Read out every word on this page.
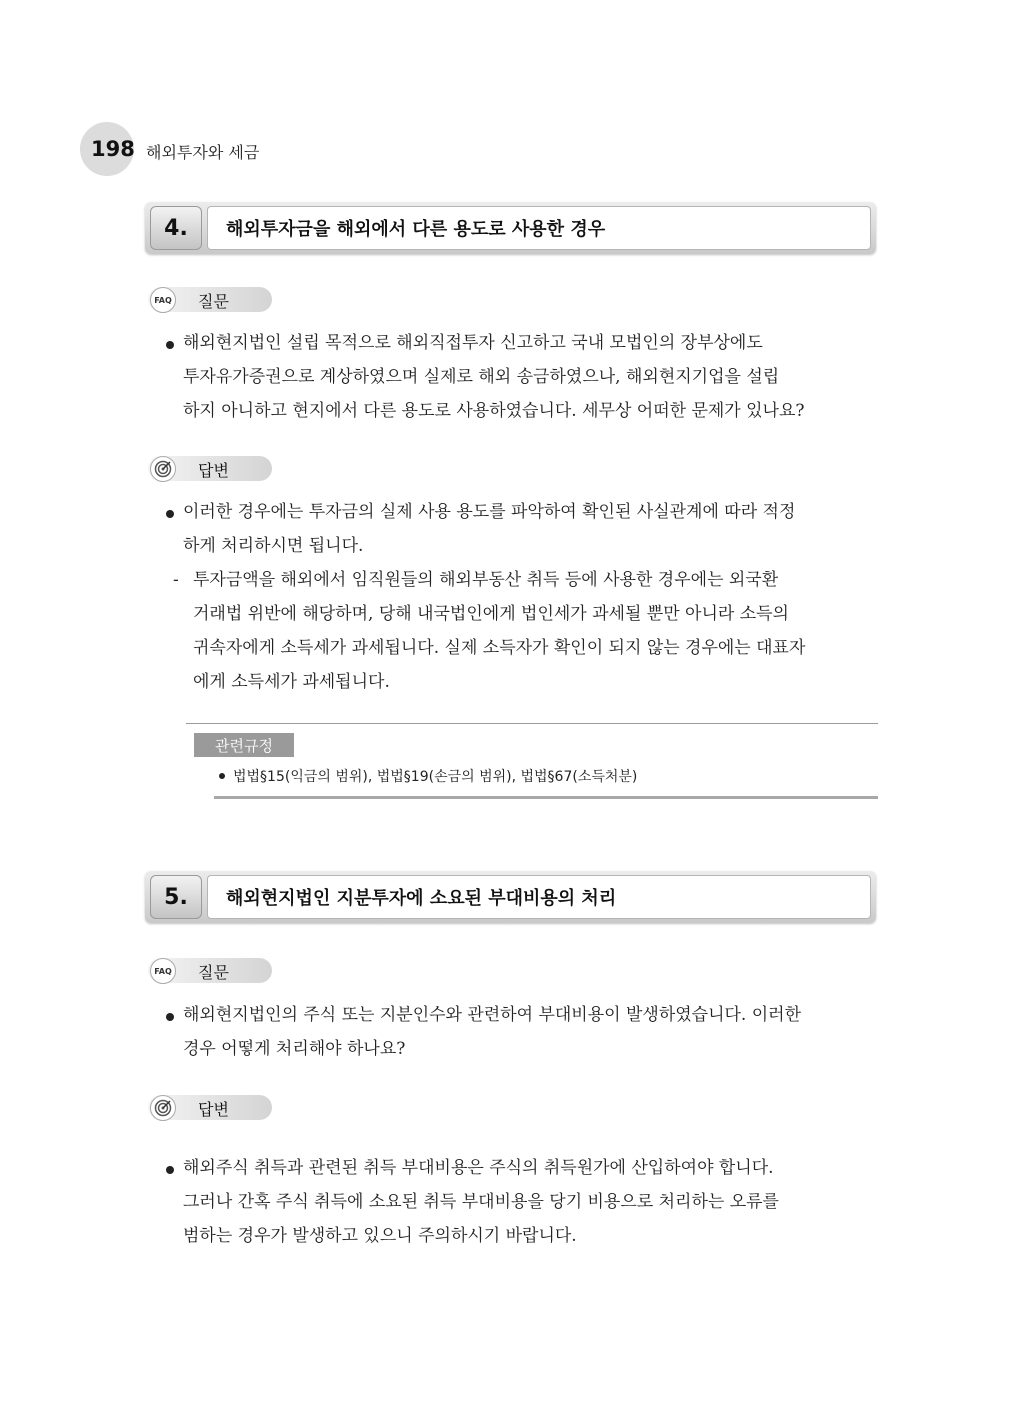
198 해외투자와 세금
4.	해외투자금을 해외에서 다른 용도로 사용한 경우
FAQ 질문
해외현지법인 설립 목적으로 해외직접투자 신고하고 국내 모법인의 장부상에도
투자유가증권으로 계상하였으며 실제로 해외 송금하였으나, 해외현지기업을 설립
하지 아니하고 현지에서 다른 용도로 사용하였습니다. 세무상 어떠한 문제가 있나요?
답변
이러한 경우에는 투자금의 실제 사용 용도를 파악하여 확인된 사실관계에 따라 적정
하게 처리하시면 됩니다.
- 투자금액을 해외에서 임직원들의 해외부동산 취득 등에 사용한 경우에는 외국환
거래법 위반에 해당하며, 당해 내국법인에게 법인세가 과세될 뿐만 아니라 소득의
귀속자에게 소득세가 과세됩니다. 실제 소득자가 확인이 되지 않는 경우에는 대표자
에게 소득세가 과세됩니다.
관련규정
법법§15(익금의 범위), 법법§19(손금의 범위), 법법§67(소득처분)
5.	해외현지법인 지분투자에 소요된 부대비용의 처리
FAQ 질문
해외현지법인의 주식 또는 지분인수와 관련하여 부대비용이 발생하였습니다. 이러한
경우 어떻게 처리해야 하나요?
답변
해외주식 취득과 관련된 취득 부대비용은 주식의 취득원가에 산입하여야 합니다.
그러나 간혹 주식 취득에 소요된 취득 부대비용을 당기 비용으로 처리하는 오류를
범하는 경우가 발생하고 있으니 주의하시기 바랍니다.
